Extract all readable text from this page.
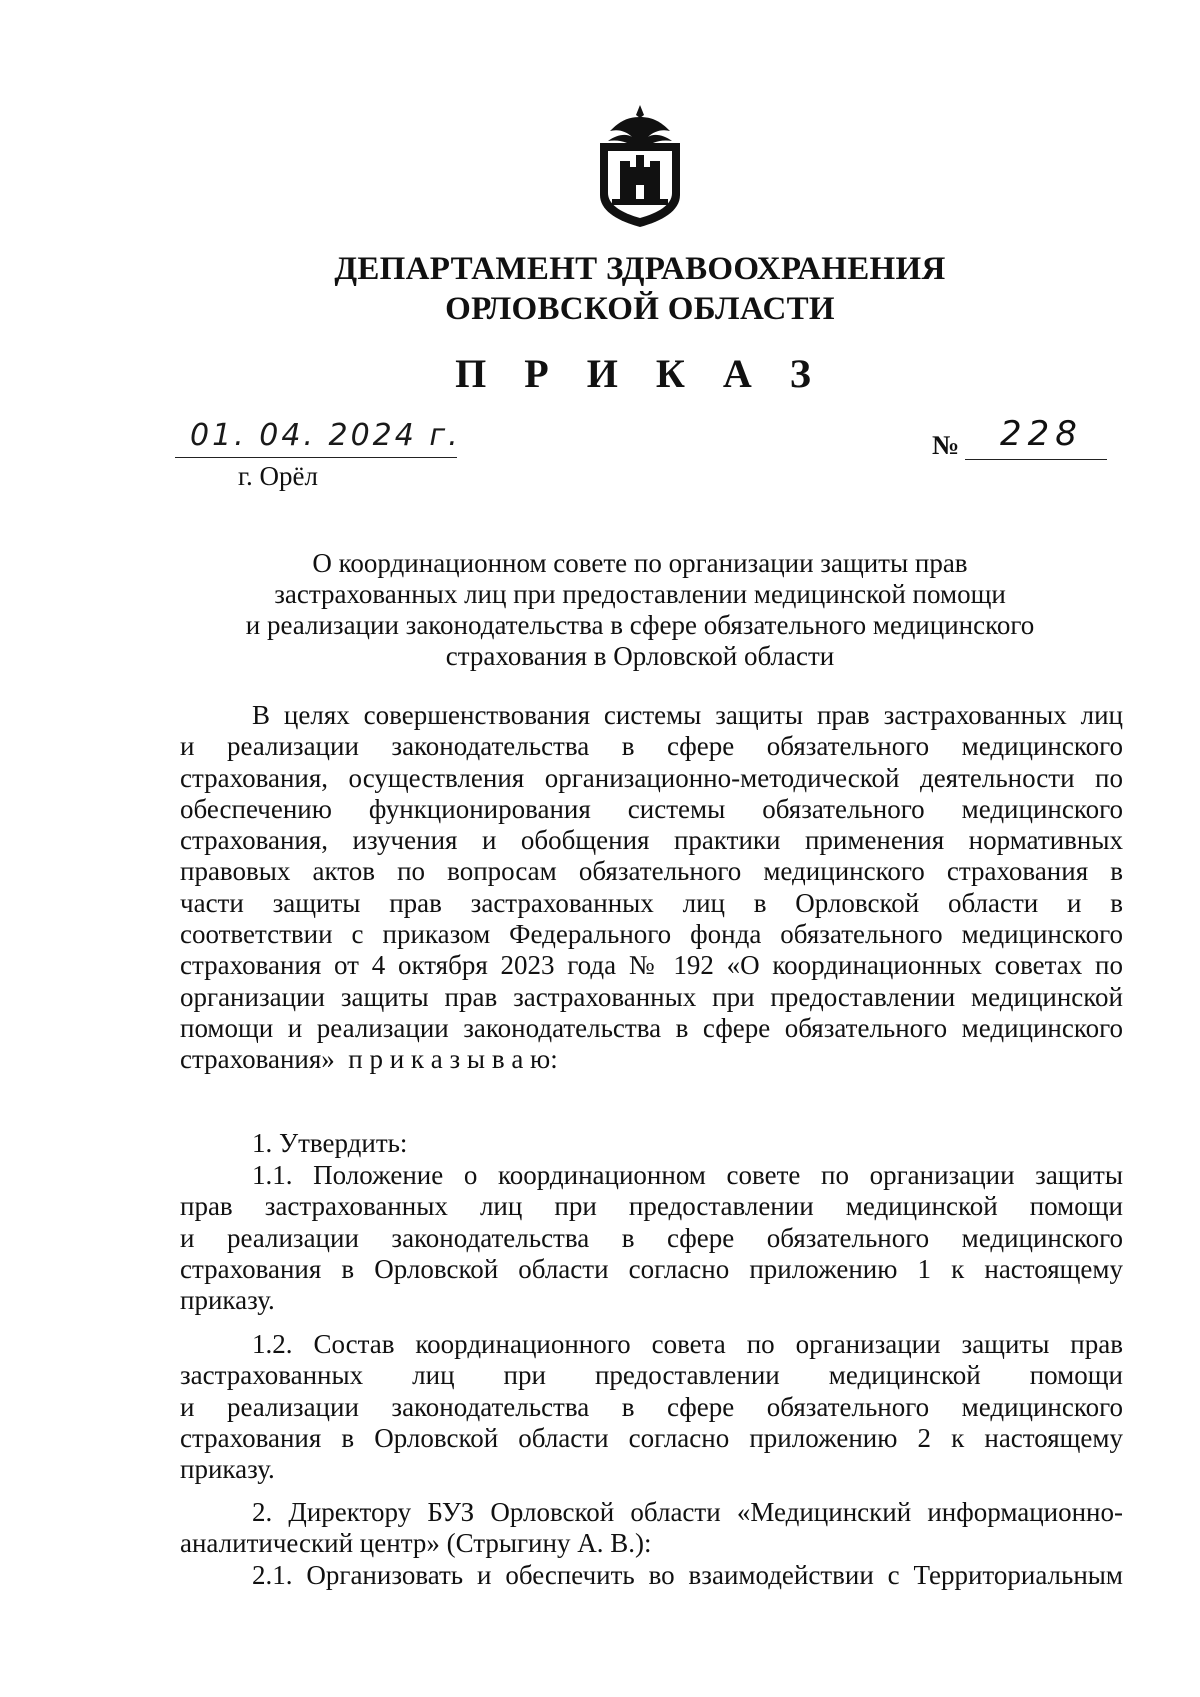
ДЕПАРТАМЕНТ ЗДРАВООХРАНЕНИЯ
ОРЛОВСКОЙ ОБЛАСТИ
П Р И К А З
01. 04. 2024 г.	№ 228
г. Орёл
О координационном совете по организации защиты прав
застрахованных лиц при предоставлении медицинской помощи
и реализации законодательства в сфере обязательного медицинского
страхования в Орловской области
В целях совершенствования системы защиты прав застрахованных лиц
и реализации законодательства в сфере обязательного медицинского
страхования, осуществления организационно-методической деятельности по
обеспечению функционирования системы обязательного медицинского
страхования, изучения и обобщения практики применения нормативных
правовых актов по вопросам обязательного медицинского страхования в
части защиты прав застрахованных лиц в Орловской области и в
соответствии с приказом Федерального фонда обязательного медицинского
страхования от 4 октября 2023 года № 192 «О координационных советах по
организации защиты прав застрахованных при предоставлении медицинской
помощи и реализации законодательства в сфере обязательного медицинского
страхования» п р и к а з ы в а ю:
1. Утвердить:
1.1. Положение о координационном совете по организации защиты
прав застрахованных лиц при предоставлении медицинской помощи
и реализации законодательства в сфере обязательного медицинского
страхования в Орловской области согласно приложению 1 к настоящему
приказу.
1.2. Состав координационного совета по организации защиты прав
застрахованных лиц при предоставлении медицинской помощи
и реализации законодательства в сфере обязательного медицинского
страхования в Орловской области согласно приложению 2 к настоящему
приказу.
2. Директору БУЗ Орловской области «Медицинский информационно-
аналитический центр» (Стрыгину А. В.):
2.1. Организовать и обеспечить во взаимодействии с Территориальным
